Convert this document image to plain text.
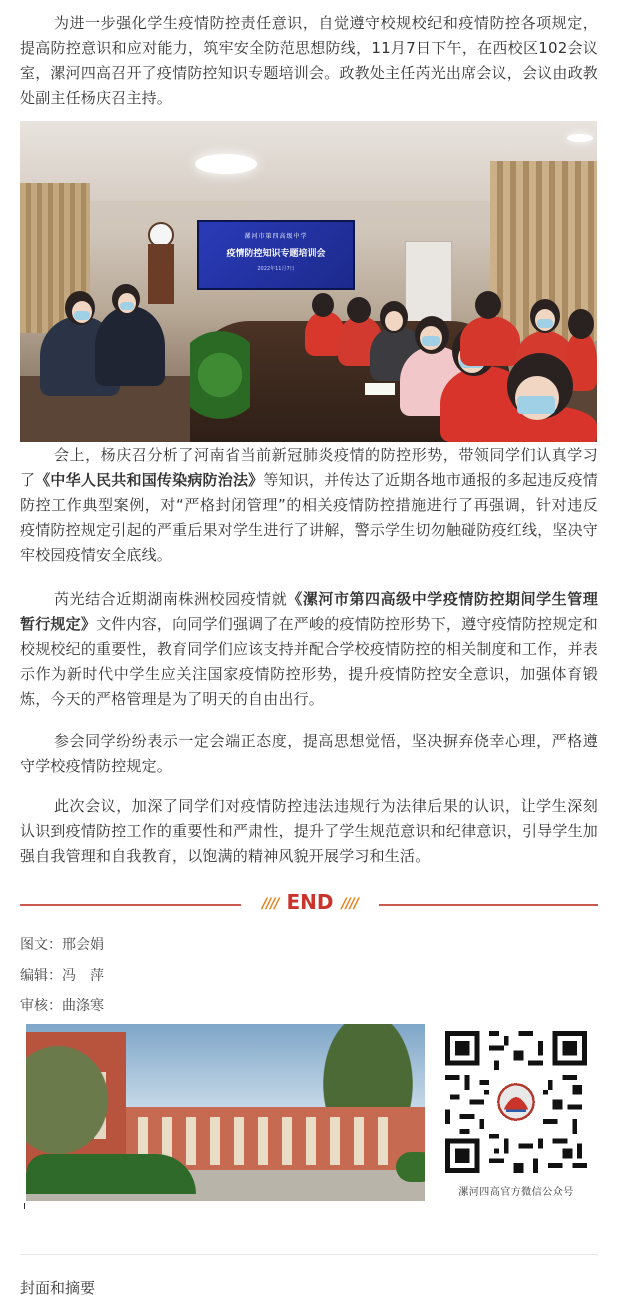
为进一步强化学生疫情防控责任意识，自觉遵守校规校纪和疫情防控各项规定，提高防控意识和应对能力，筑牢安全防范思想防线，11月7日下午，在西校区102会议室，漯河四高召开了疫情防控知识专题培训会。政教处主任芮光出席会议，会议由政教处副主任杨庆召主持。

漯河市第四高级中学
疫情防控知识专题培训会
2022年11月7日

会上，杨庆召分析了河南省当前新冠肺炎疫情的防控形势，带领同学们认真学习了《中华人民共和国传染病防治法》等知识，并传达了近期各地市通报的多起违反疫情防控工作典型案例，对“严格封闭管理”的相关疫情防控措施进行了再强调，针对违反疫情防控规定引起的严重后果对学生进行了讲解，警示学生切勿触碰防疫红线，坚决守牢校园疫情安全底线。

芮光结合近期湖南株洲校园疫情就《漯河市第四高级中学疫情防控期间学生管理暂行规定》文件内容，向同学们强调了在严峻的疫情防控形势下，遵守疫情防控规定和校规校纪的重要性，教育同学们应该支持并配合学校疫情防控的相关制度和工作，并表示作为新时代中学生应关注国家疫情防控形势，提升疫情防控安全意识，加强体育锻炼，今天的严格管理是为了明天的自由出行。

参会同学纷纷表示一定会端正态度，提高思想觉悟，坚决摒弃侥幸心理，严格遵守学校疫情防控规定。

此次会议，加深了同学们对疫情防控违法违规行为法律后果的认识，让学生深刻认识到疫情防控工作的重要性和严肃性，提升了学生规范意识和纪律意识，引导学生加强自我管理和自我教育，以饱满的精神风貌开展学习和生活。

//// END ////
图文：邢会娟
编辑：冯　萍
审核：曲涤寒
漯河四高官方微信公众号
封面和摘要
